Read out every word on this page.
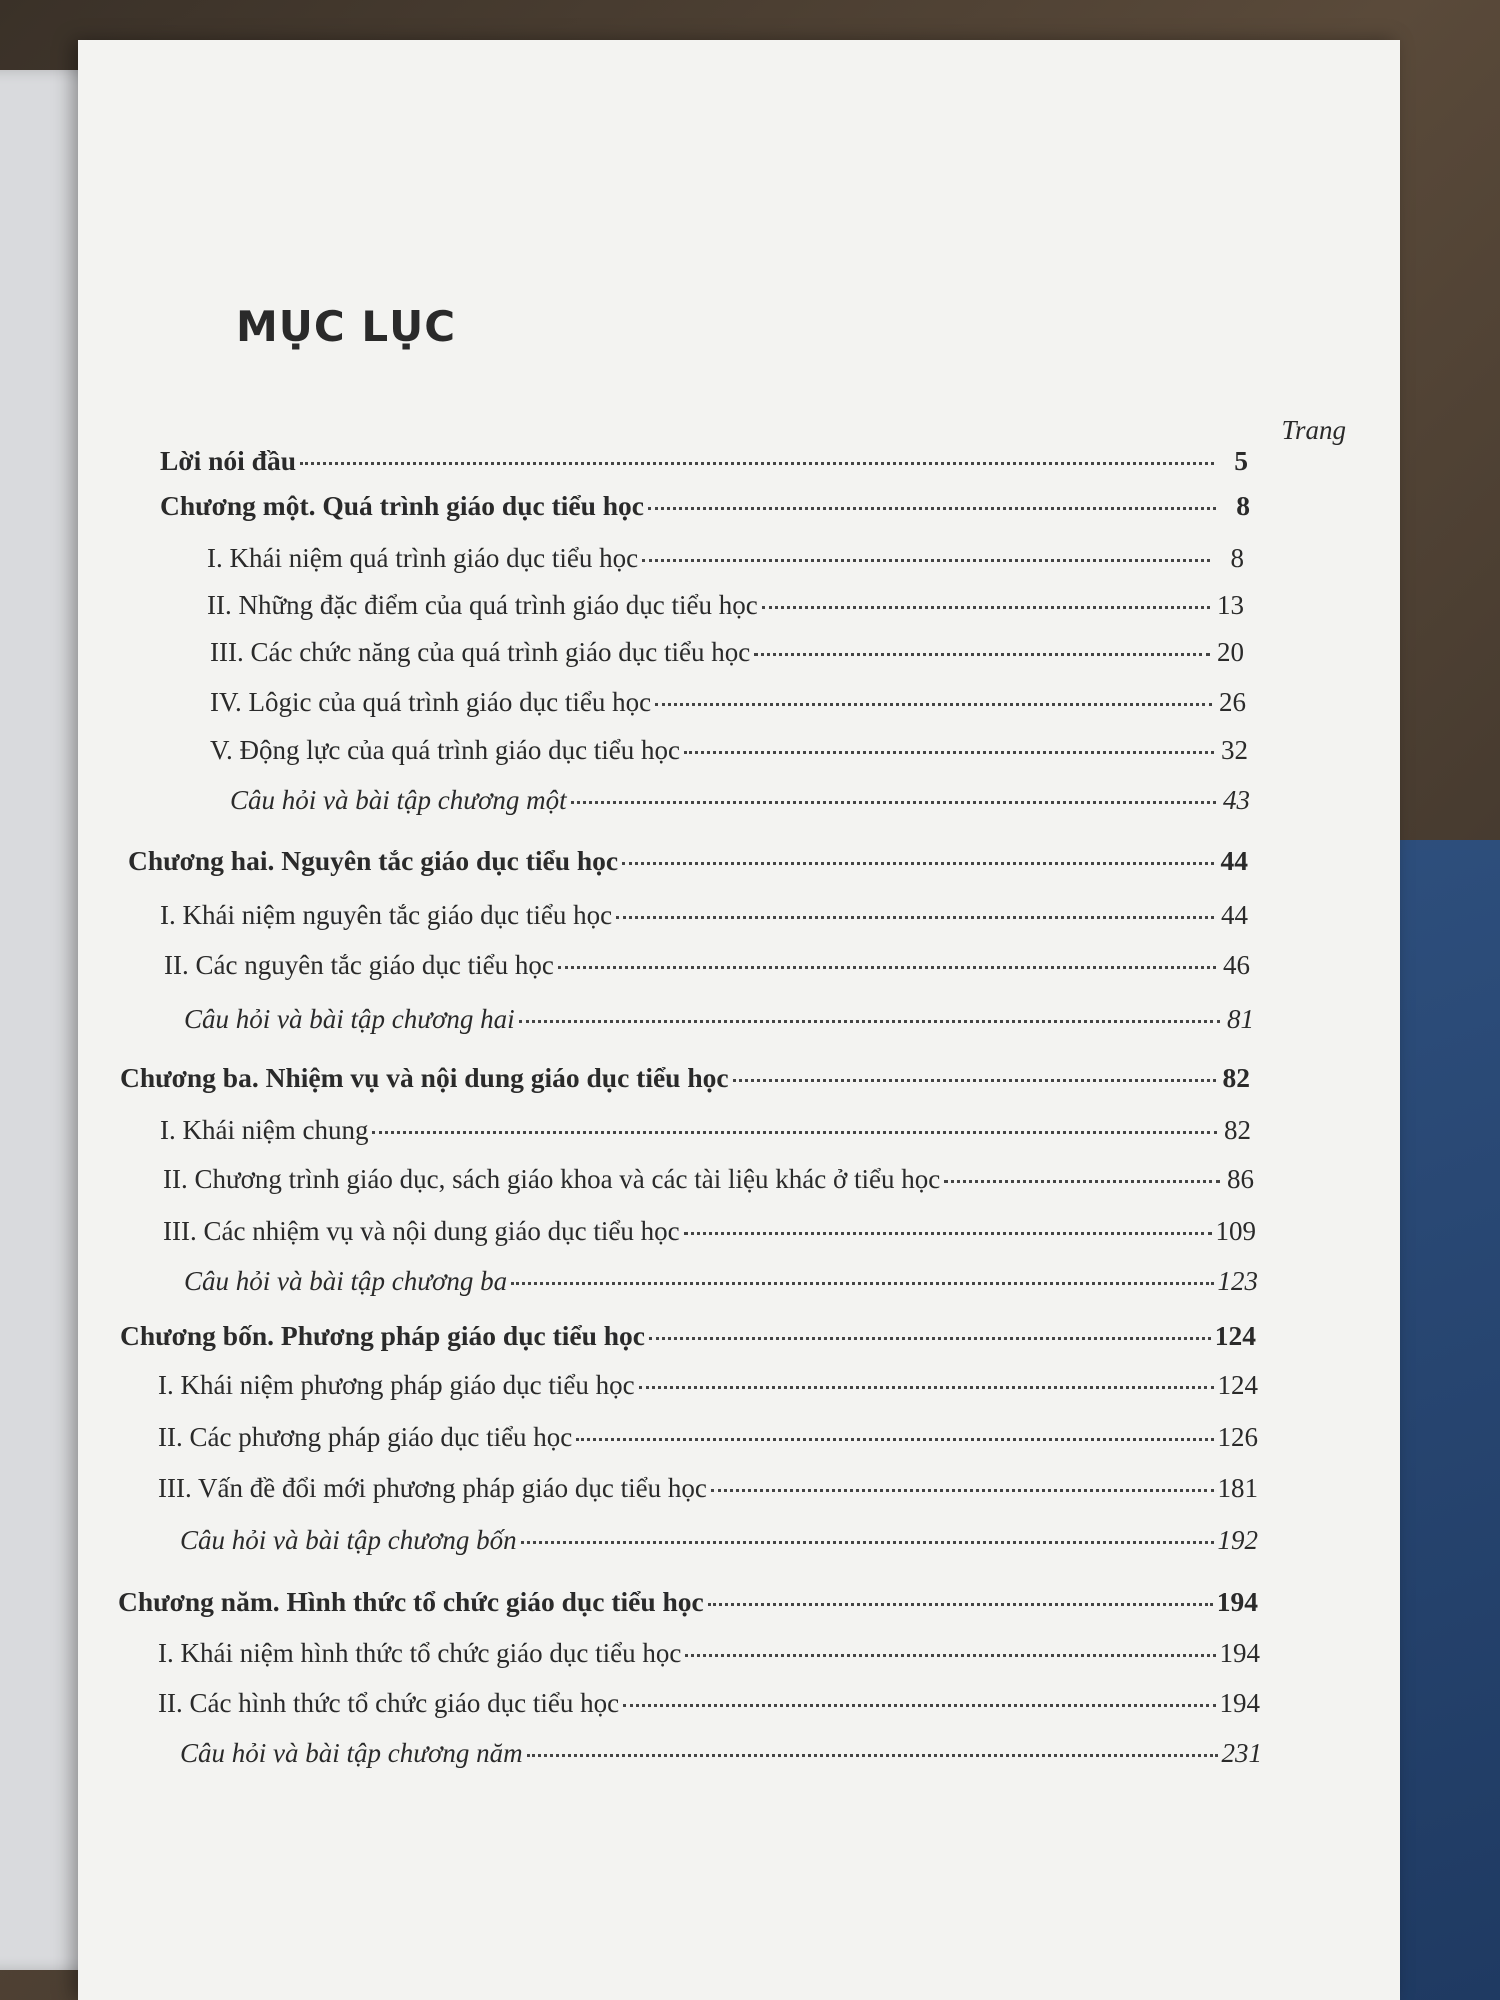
MỤC LỤC
Trang
Lời nói đầu	5
Chương một. Quá trình giáo dục tiểu học	8
I. Khái niệm quá trình giáo dục tiểu học	8
II. Những đặc điểm của quá trình giáo dục tiểu học	13
III. Các chức năng của quá trình giáo dục tiểu học	20
IV. Lôgic của quá trình giáo dục tiểu học	26
V. Động lực của quá trình giáo dục tiểu học	32
Câu hỏi và bài tập chương một	43
Chương hai. Nguyên tắc giáo dục tiểu học	44
I. Khái niệm nguyên tắc giáo dục tiểu học	44
II. Các nguyên tắc giáo dục tiểu học	46
Câu hỏi và bài tập chương hai	81
Chương ba. Nhiệm vụ và nội dung giáo dục tiểu học	82
I. Khái niệm chung	82
II. Chương trình giáo dục, sách giáo khoa và các tài liệu khác ở tiểu học	86
III. Các nhiệm vụ và nội dung giáo dục tiểu học	109
Câu hỏi và bài tập chương ba	123
Chương bốn. Phương pháp giáo dục tiểu học	124
I. Khái niệm phương pháp giáo dục tiểu học	124
II. Các phương pháp giáo dục tiểu học	126
III. Vấn đề đổi mới phương pháp giáo dục tiểu học	181
Câu hỏi và bài tập chương bốn	192
Chương năm. Hình thức tổ chức giáo dục tiểu học	194
I. Khái niệm hình thức tổ chức giáo dục tiểu học	194
II. Các hình thức tổ chức giáo dục tiểu học	194
Câu hỏi và bài tập chương năm	231
